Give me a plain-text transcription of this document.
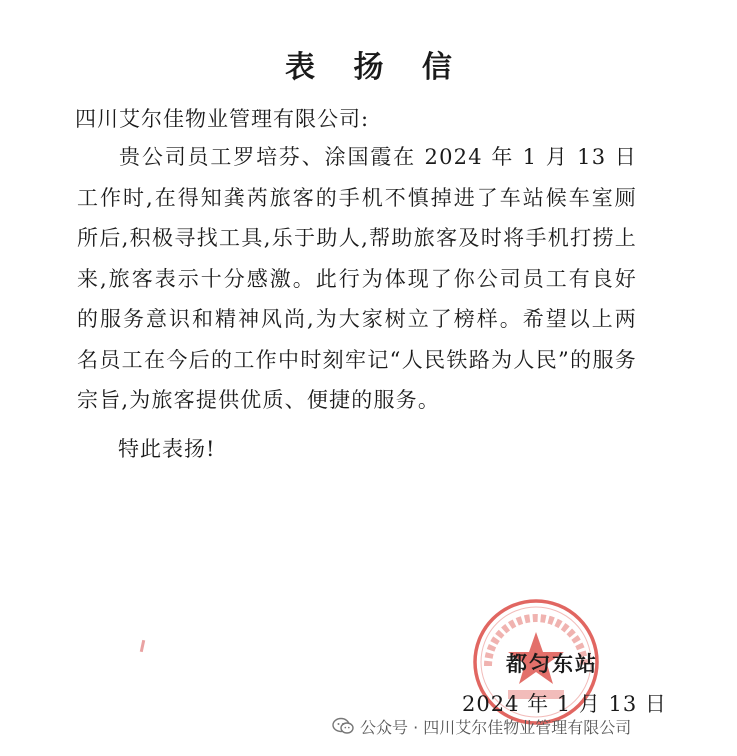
表 扬 信
四川艾尔佳物业管理有限公司:

贵公司员工罗培芬、涂国霞在 2024 年 1 月 13 日工作时,在得知龚芮旅客的手机不慎掉进了车站候车室厕所后,积极寻找工具,乐于助人,帮助旅客及时将手机打捞上来,旅客表示十分感激。此行为体现了你公司员工有良好的服务意识和精神风尚,为大家树立了榜样。希望以上两名员工在今后的工作中时刻牢记“人民铁路为人民”的服务宗旨,为旅客提供优质、便捷的服务。

特此表扬!
都匀东站
2024 年 1 月 13 日
公众号 · 四川艾尔佳物业管理有限公司
